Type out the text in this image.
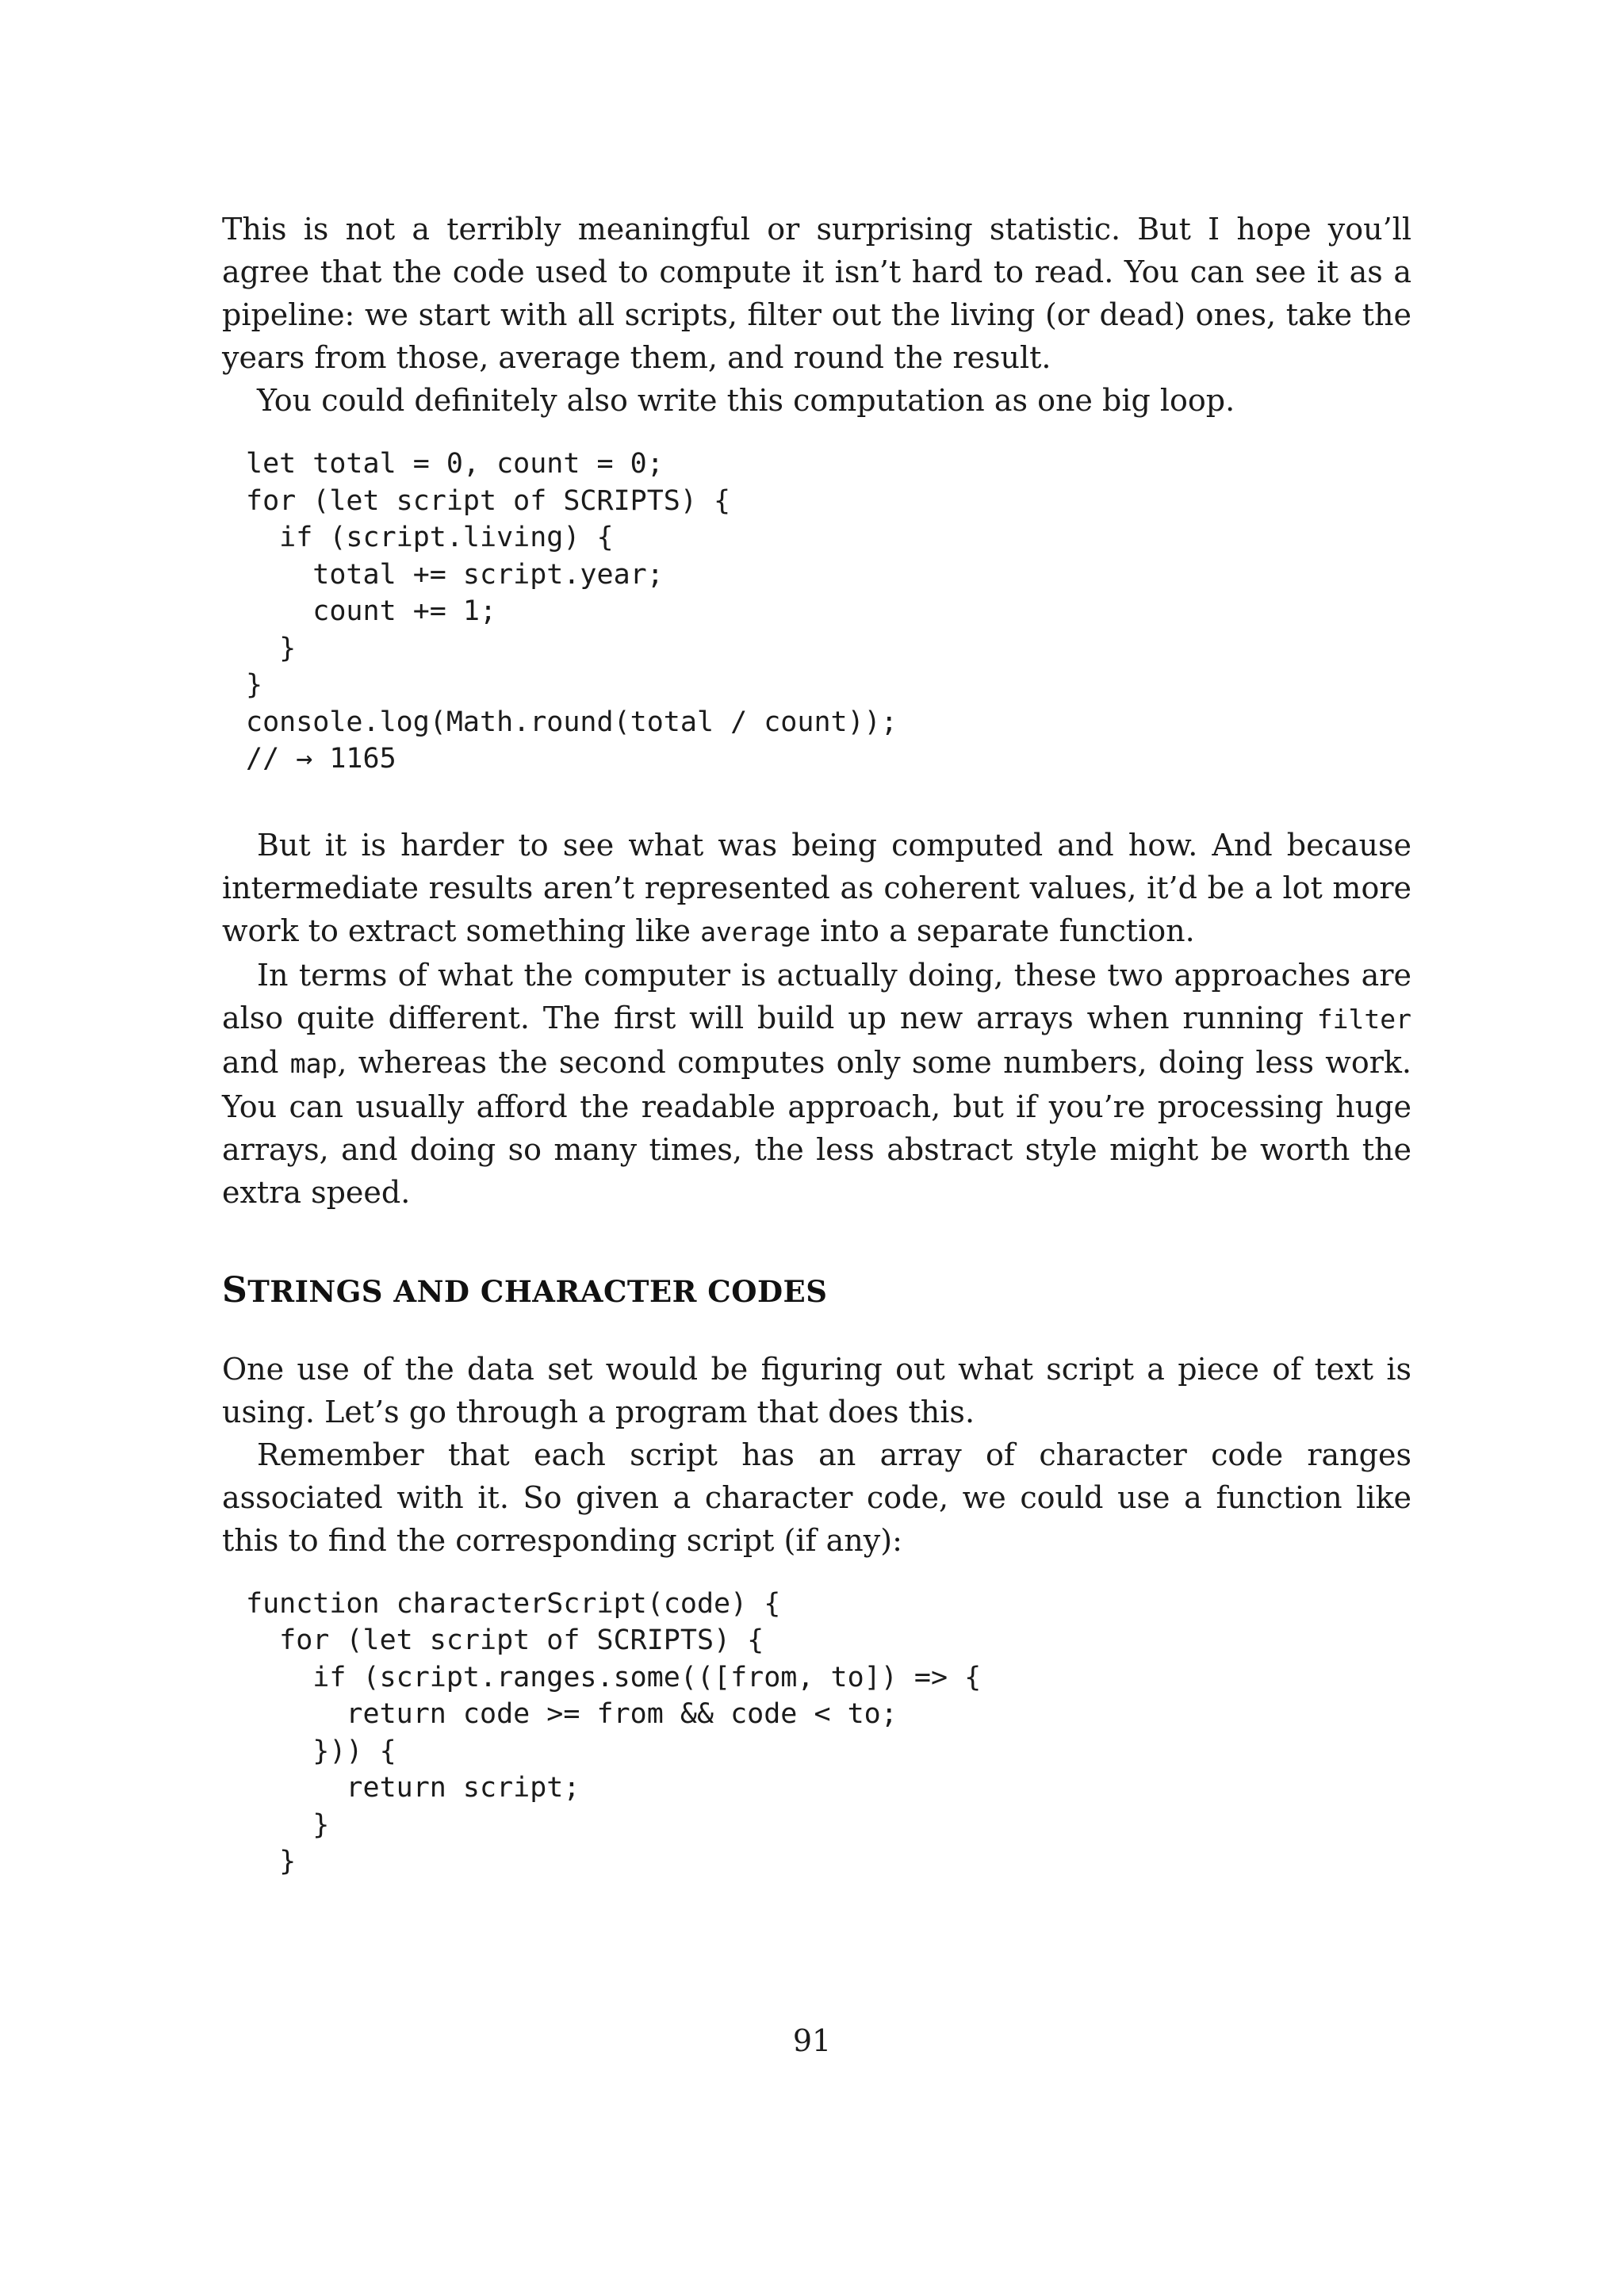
This is not a terribly meaningful or surprising statistic. But I hope you’ll agree that the code used to compute it isn’t hard to read. You can see it as a pipeline: we start with all scripts, filter out the living (or dead) ones, take the years from those, average them, and round the result.

You could definitely also write this computation as one big loop.

let total = 0, count = 0;
for (let script of SCRIPTS) {
if (script.living) {
total += script.year;
count += 1;
}
}
console.log(Math.round(total / count));
// → 1165

But it is harder to see what was being computed and how. And because intermediate results aren’t represented as coherent values, it’d be a lot more work to extract something like average into a separate function.

In terms of what the computer is actually doing, these two approaches are also quite different. The first will build up new arrays when running filter and map, whereas the second computes only some numbers, doing less work. You can usually afford the readable approach, but if you’re processing huge arrays, and doing so many times, the less abstract style might be worth the extra speed.

STRINGS AND CHARACTER CODES

One use of the data set would be figuring out what script a piece of text is using. Let’s go through a program that does this.

Remember that each script has an array of character code ranges associated with it. So given a character code, we could use a function like this to find the corresponding script (if any):

function characterScript(code) {
for (let script of SCRIPTS) {
if (script.ranges.some(([from, to]) => {
return code >= from && code < to;
})) {
return script;
}
}
91
